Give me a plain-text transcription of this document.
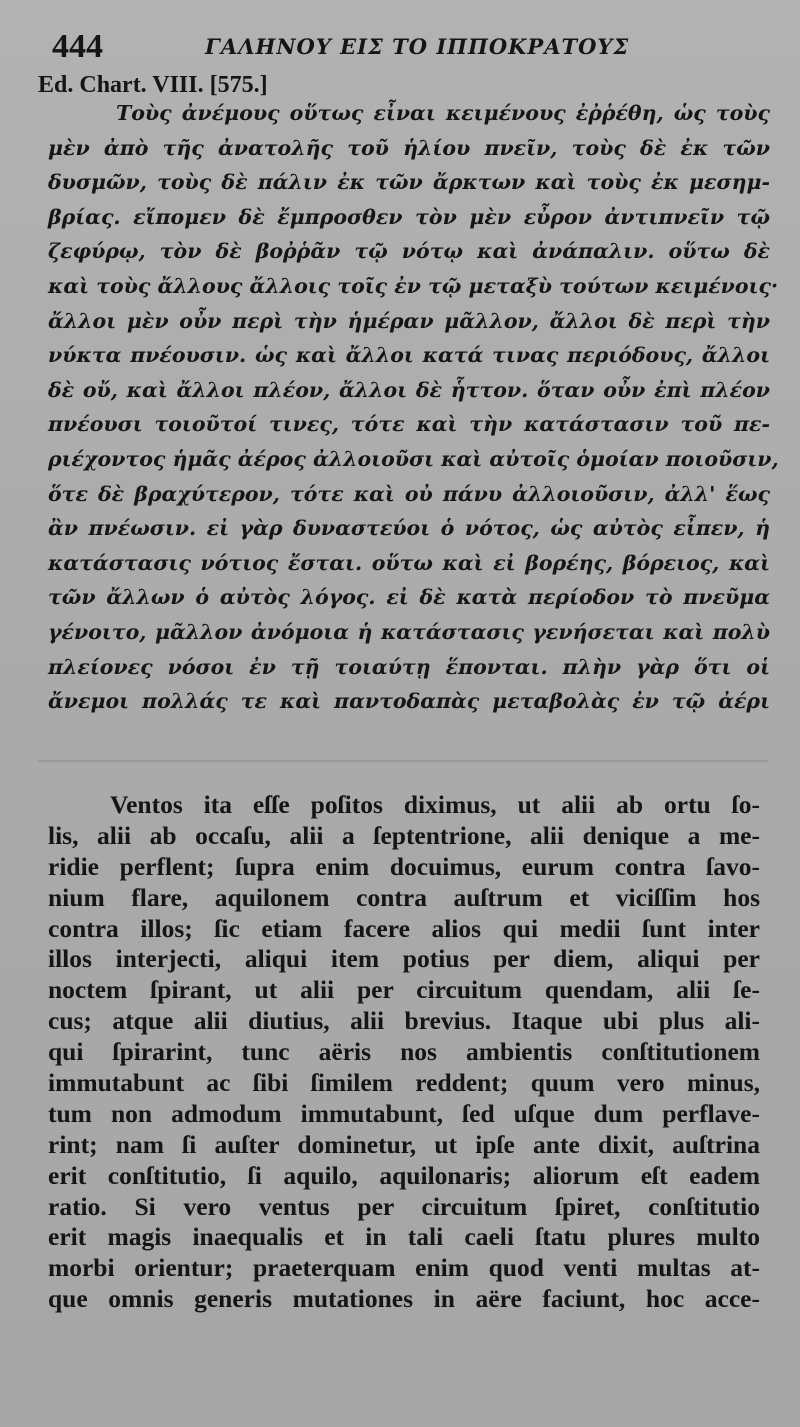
444	ΓΑΛΗΝΟΥ ΕΙΣ ΤΟ ΙΠΠΟΚΡΑΤΟΥΣ
Ed. Chart. VIII. [575.]
Τοὺς ἀνέμους οὕτως εἶναι κειμένους ἐῤῥέθη, ὡς τοὺς
μὲν ἀπὸ τῆς ἀνατολῆς τοῦ ἡλίου πνεῖν, τοὺς δὲ ἐκ τῶν
δυσμῶν, τοὺς δὲ πάλιν ἐκ τῶν ἄρκτων καὶ τοὺς ἐκ μεσημ-
βρίας. εἴπομεν δὲ ἔμπροσθεν τὸν μὲν εὖρον ἀντιπνεῖν τῷ
ζεφύρῳ, τὸν δὲ βοῤῥᾶν τῷ νότῳ καὶ ἀνάπαλιν. οὕτω δὲ
καὶ τοὺς ἄλλους ἄλλοις τοῖς ἐν τῷ μεταξὺ τούτων κειμένοις·
ἄλλοι μὲν οὖν περὶ τὴν ἡμέραν μᾶλλον, ἄλλοι δὲ περὶ τὴν
νύκτα πνέουσιν. ὡς καὶ ἄλλοι κατά τινας περιόδους, ἄλλοι
δὲ οὔ, καὶ ἄλλοι πλέον, ἄλλοι δὲ ἧττον. ὅταν οὖν ἐπὶ πλέον
πνέουσι τοιοῦτοί τινες, τότε καὶ τὴν κατάστασιν τοῦ πε-
ριέχοντος ἡμᾶς ἀέρος ἀλλοιοῦσι καὶ αὐτοῖς ὁμοίαν ποιοῦσιν,
ὅτε δὲ βραχύτερον, τότε καὶ οὐ πάνυ ἀλλοιοῦσιν, ἀλλ' ἕως
ἂν πνέωσιν. εἰ γὰρ δυναστεύοι ὁ νότος, ὡς αὐτὸς εἶπεν, ἡ
κατάστασις νότιος ἔσται. οὕτω καὶ εἰ βορέης, βόρειος, καὶ
τῶν ἄλλων ὁ αὐτὸς λόγος. εἰ δὲ κατὰ περίοδον τὸ πνεῦμα
γένοιτο, μᾶλλον ἀνόμοια ἡ κατάστασις γενήσεται καὶ πολὺ
πλείονες νόσοι ἐν τῇ τοιαύτῃ ἕπονται. πλὴν γὰρ ὅτι οἱ
ἄνεμοι πολλάς τε καὶ παντοδαπὰς μεταβολὰς ἐν τῷ ἀέρι
Ventos ita eſſe poſitos diximus, ut alii ab ortu ſo-
lis, alii ab occaſu, alii a ſeptentrione, alii denique a me-
ridie perflent; ſupra enim docuimus, eurum contra ſavo-
nium flare, aquilonem contra auſtrum et viciſſim hos
contra illos; ſic etiam facere alios qui medii ſunt inter
illos interjecti, aliqui item potius per diem, aliqui per
noctem ſpirant, ut alii per circuitum quendam, alii ſe-
cus; atque alii diutius, alii brevius. Itaque ubi plus ali-
qui ſpirarint, tunc aëris nos ambientis conſtitutionem
immutabunt ac ſibi ſimilem reddent; quum vero minus,
tum non admodum immutabunt, ſed uſque dum perflave-
rint; nam ſi auſter dominetur, ut ipſe ante dixit, auſtrina
erit conſtitutio, ſi aquilo, aquilonaris; aliorum eſt eadem
ratio. Si vero ventus per circuitum ſpiret, conſtitutio
erit magis inaequalis et in tali caeli ſtatu plures multo
morbi orientur; praeterquam enim quod venti multas at-
que omnis generis mutationes in aëre faciunt, hoc acce-
